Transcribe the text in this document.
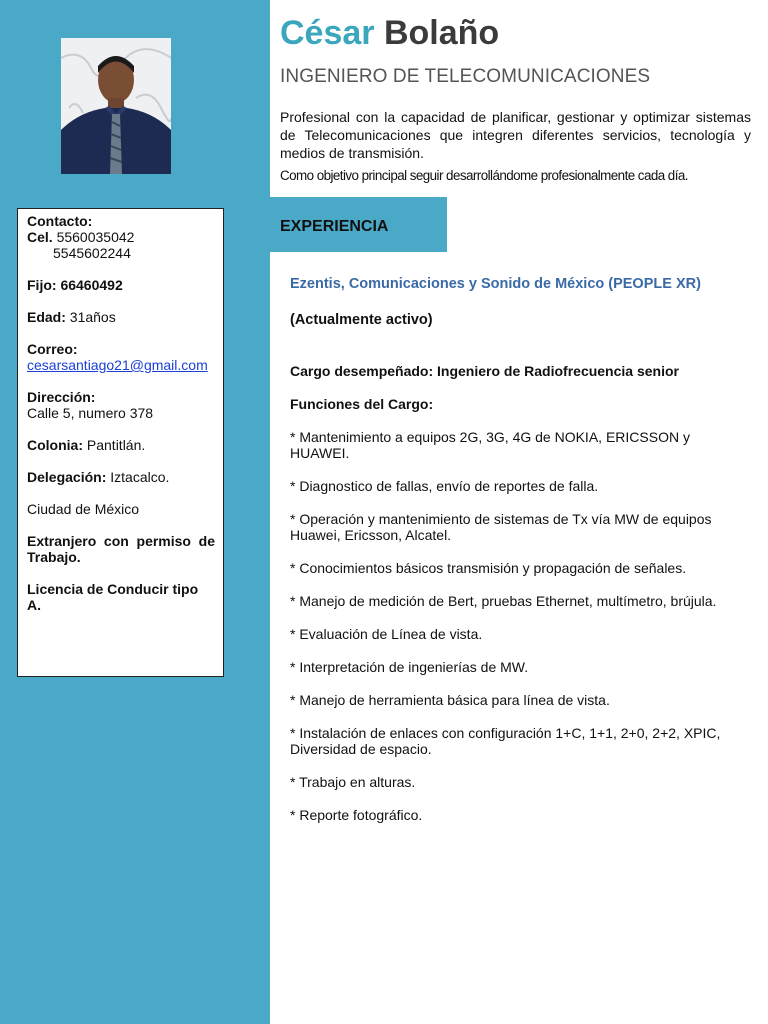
Contacto:
Cel. 5560035042
5545602244
Fijo: 66460492
Edad: 31años
Correo:
cesarsantiago21@gmail.com
Dirección:
Calle 5, numero 378
Colonia: Pantitlán.
Delegación: Iztacalco.
Ciudad de México
Extranjero con permiso de Trabajo.
Licencia de Conducir tipo A.
César Bolaño
INGENIERO DE TELECOMUNICACIONES
Profesional con la capacidad de planificar, gestionar y optimizar sistemas de Telecomunicaciones que integren diferentes servicios, tecnología y medios de transmisión.
Como objetivo principal seguir desarrollándome profesionalmente cada día.
EXPERIENCIA
Ezentis, Comunicaciones y Sonido de México (PEOPLE XR)
(Actualmente activo)
Cargo desempeñado: Ingeniero de Radiofrecuencia senior
Funciones del Cargo:
* Mantenimiento a equipos 2G, 3G, 4G de NOKIA, ERICSSON y HUAWEI.
* Diagnostico de fallas, envío de reportes de falla.
* Operación y mantenimiento de sistemas de Tx vía MW de equipos Huawei, Ericsson, Alcatel.
* Conocimientos básicos transmisión y propagación de señales.
* Manejo de medición de Bert, pruebas Ethernet, multímetro, brújula.
* Evaluación de Línea de vista.
* Interpretación de ingenierías de MW.
* Manejo de herramienta básica para línea de vista.
* Instalación de enlaces con configuración 1+C, 1+1, 2+0, 2+2, XPIC, Diversidad de espacio.
* Trabajo en alturas.
* Reporte fotográfico.
